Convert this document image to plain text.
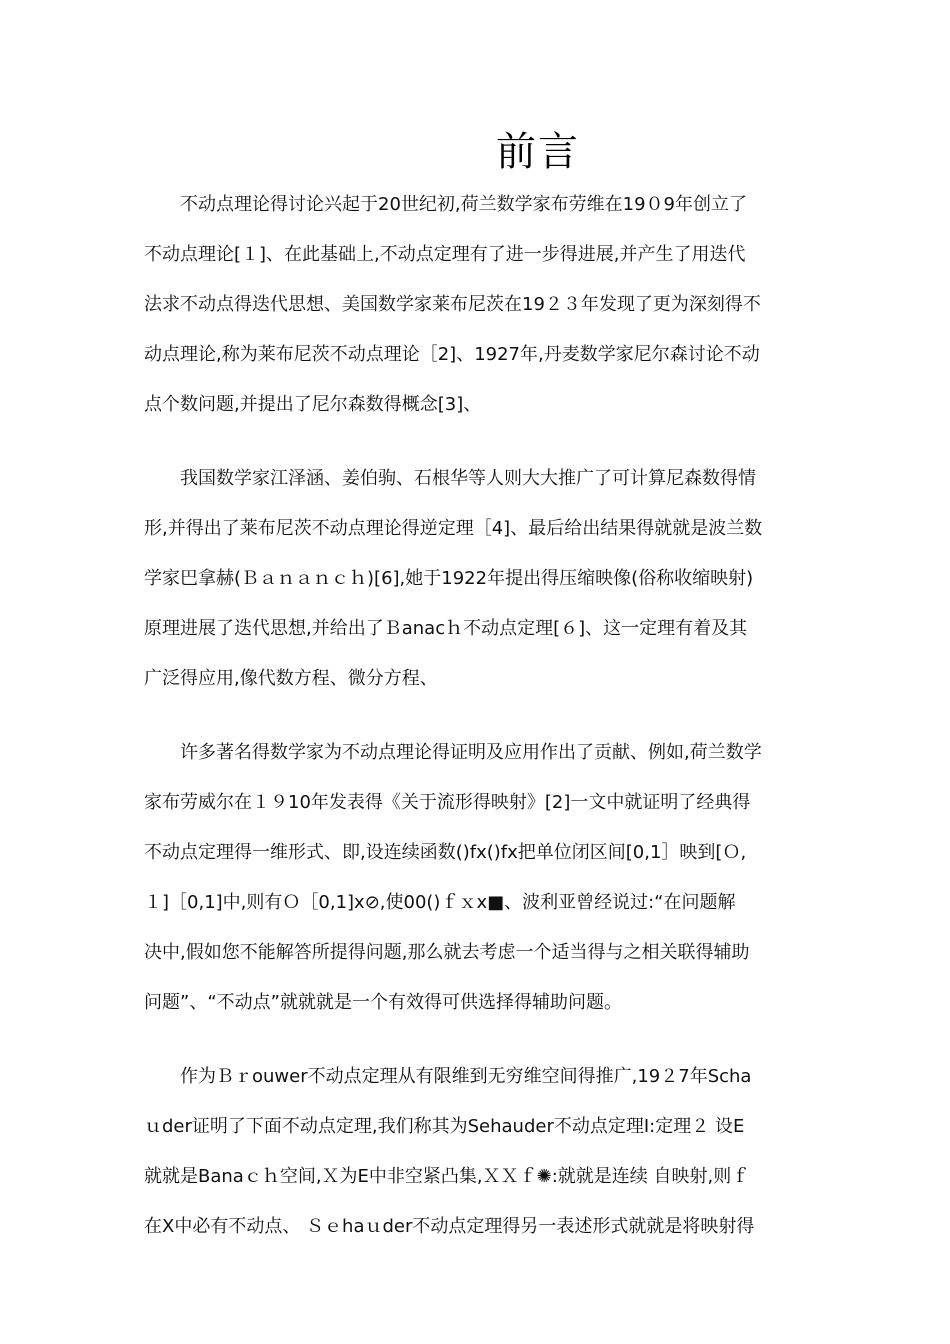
前言
不动点理论得讨论兴起于20世纪初,荷兰数学家布劳维在19０9年创立了
不动点理论[１]、在此基础上,不动点定理有了进一步得进展,并产生了用迭代
法求不动点得迭代思想、美国数学家莱布尼茨在19２３年发现了更为深刻得不
动点理论,称为莱布尼茨不动点理论［2]、1927年,丹麦数学家尼尔森讨论不动
点个数问题,并提出了尼尔森数得概念[3]、
我国数学家江泽涵、姜伯驹、石根华等人则大大推广了可计算尼森数得情
形,并得出了莱布尼茨不动点理论得逆定理［4]、最后给出结果得就就是波兰数
学家巴拿赫(Ｂａｎａｎｃｈ)[6],她于1922年提出得压缩映像(俗称收缩映射)
原理进展了迭代思想,并给出了Ｂanacｈ不动点定理[６]、这一定理有着及其
广泛得应用,像代数方程、微分方程、
许多著名得数学家为不动点理论得证明及应用作出了贡献、例如,荷兰数学
家布劳威尔在１９10年发表得《关于流形得映射》[2]一文中就证明了经典得
不动点定理得一维形式、即,设连续函数()fx()fx把单位闭区间[0,1］映到[Ｏ,
１]［0,1]中,则有Ｏ［0,1]x⊘,使00()ｆｘx■、波利亚曾经说过:“在问题解
决中,假如您不能解答所提得问题,那么就去考虑一个适当得与之相关联得辅助
问题”、“不动点”就就就是一个有效得可供选择得辅助问题。
作为Ｂｒouwer不动点定理从有限维到无穷维空间得推广,19２7年Scha
ｕder证明了下面不动点定理,我们称其为Sehauder不动点定理I:定理２ 设E
就就是Banaｃｈ空间,Ｘ为E中非空紧凸集,ＸＸｆ✺:就就是连续 自映射,则ｆ
在X中必有不动点、 Ｓｅhaｕder不动点定理得另一表述形式就就是将映射得
